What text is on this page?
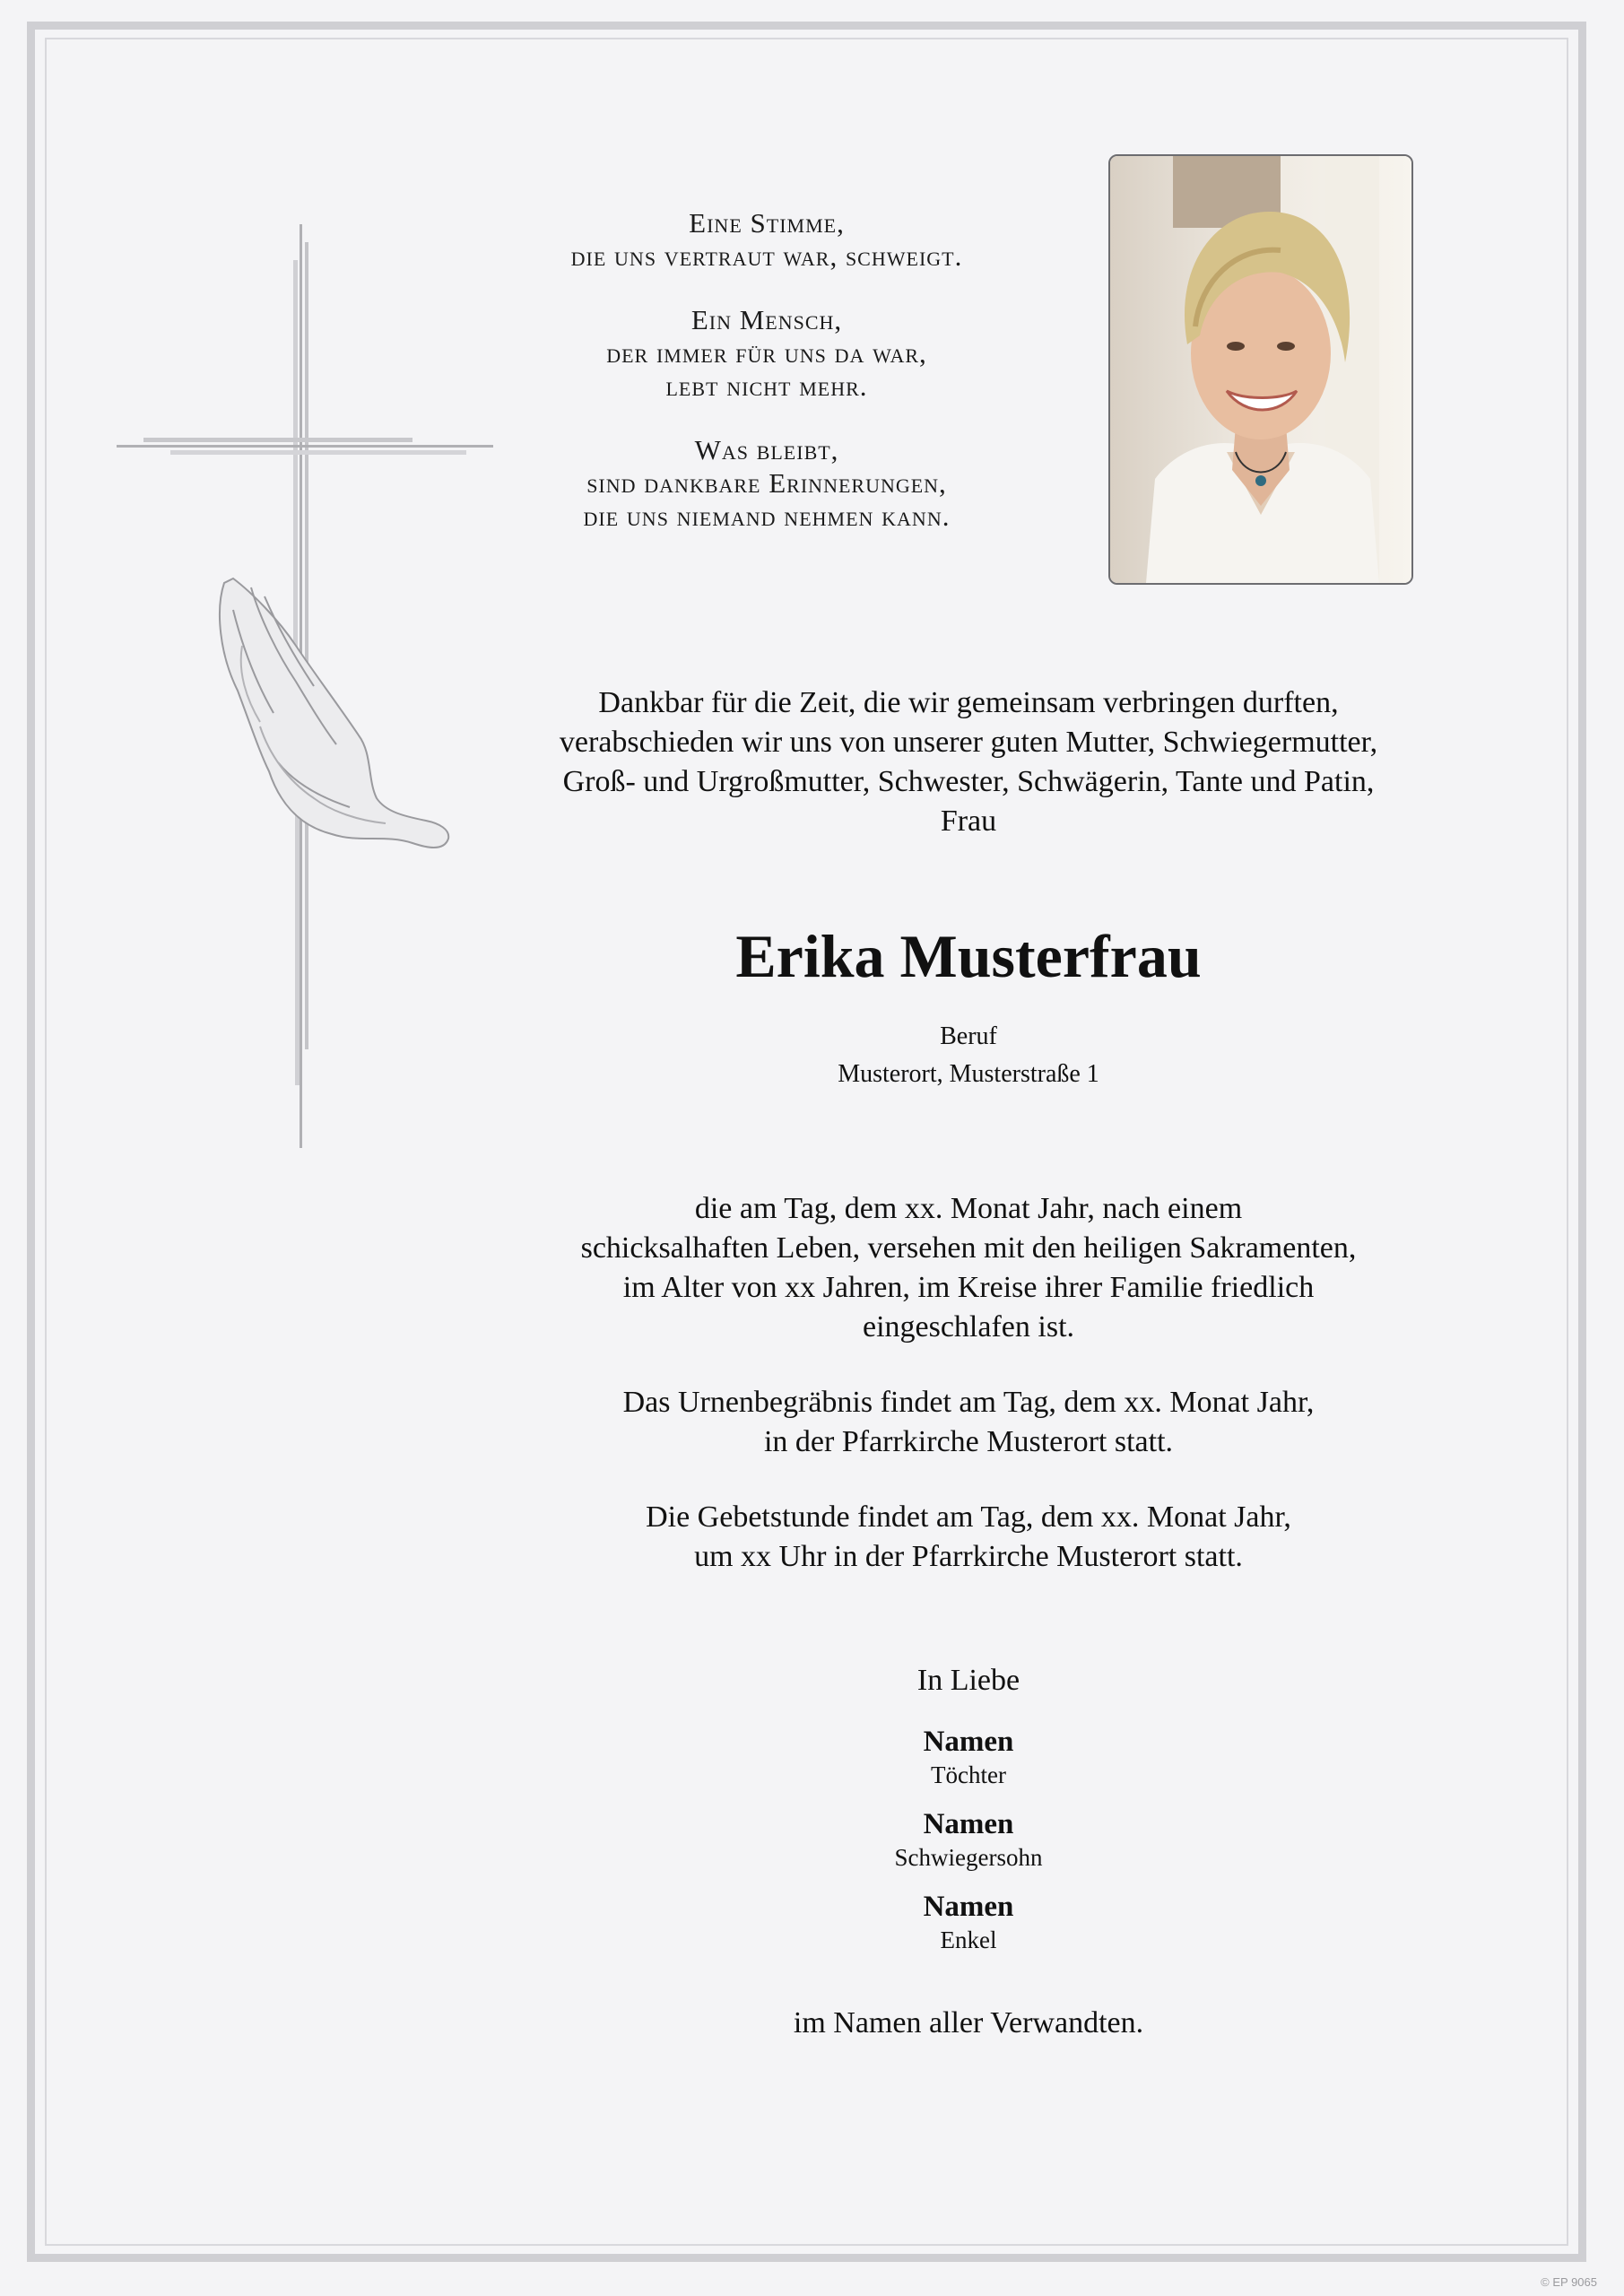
Eine Stimme,
die uns vertraut war, schweigt.
Ein Mensch,
der immer für uns da war,
lebt nicht mehr.
Was bleibt,
sind dankbare Erinnerungen,
die uns niemand nehmen kann.
Dankbar für die Zeit, die wir gemeinsam verbringen durften,
verabschieden wir uns von unserer guten Mutter, Schwiegermutter,
Groß- und Urgroßmutter, Schwester, Schwägerin, Tante und Patin,
Frau
Erika Musterfrau
Beruf
Musterort, Musterstraße 1
die am Tag, dem xx. Monat Jahr, nach einem
schicksalhaften Leben, versehen mit den heiligen Sakramenten,
im Alter von xx Jahren, im Kreise ihrer Familie friedlich
eingeschlafen ist.
Das Urnenbegräbnis findet am Tag, dem xx. Monat Jahr,
in der Pfarrkirche Musterort statt.
Die Gebetstunde findet am Tag, dem xx. Monat Jahr,
um xx Uhr in der Pfarrkirche Musterort statt.
In Liebe
Namen
Töchter
Namen
Schwiegersohn
Namen
Enkel
im Namen aller Verwandten.
© EP 9065
